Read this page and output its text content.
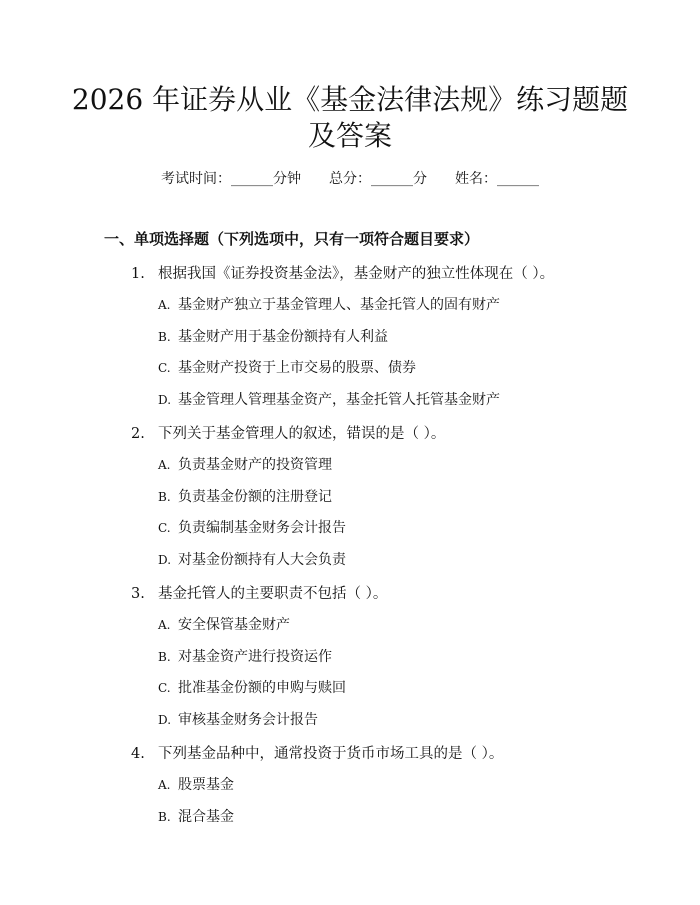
2026 年证券从业《基金法律法规》练习题题
及答案
考试时间：______分钟 总分：______分 姓名：______
一、单项选择题（下列选项中，只有一项符合题目要求）
1. 根据我国《证券投资基金法》，基金财产的独立性体现在（ ）。
A. 基金财产独立于基金管理人、基金托管人的固有财产
B. 基金财产用于基金份额持有人利益
C. 基金财产投资于上市交易的股票、债券
D. 基金管理人管理基金资产，基金托管人托管基金财产
2. 下列关于基金管理人的叙述，错误的是（ ）。
A. 负责基金财产的投资管理
B. 负责基金份额的注册登记
C. 负责编制基金财务会计报告
D. 对基金份额持有人大会负责
3. 基金托管人的主要职责不包括（ ）。
A. 安全保管基金财产
B. 对基金资产进行投资运作
C. 批准基金份额的申购与赎回
D. 审核基金财务会计报告
4. 下列基金品种中，通常投资于货币市场工具的是（ ）。
A. 股票基金
B. 混合基金
